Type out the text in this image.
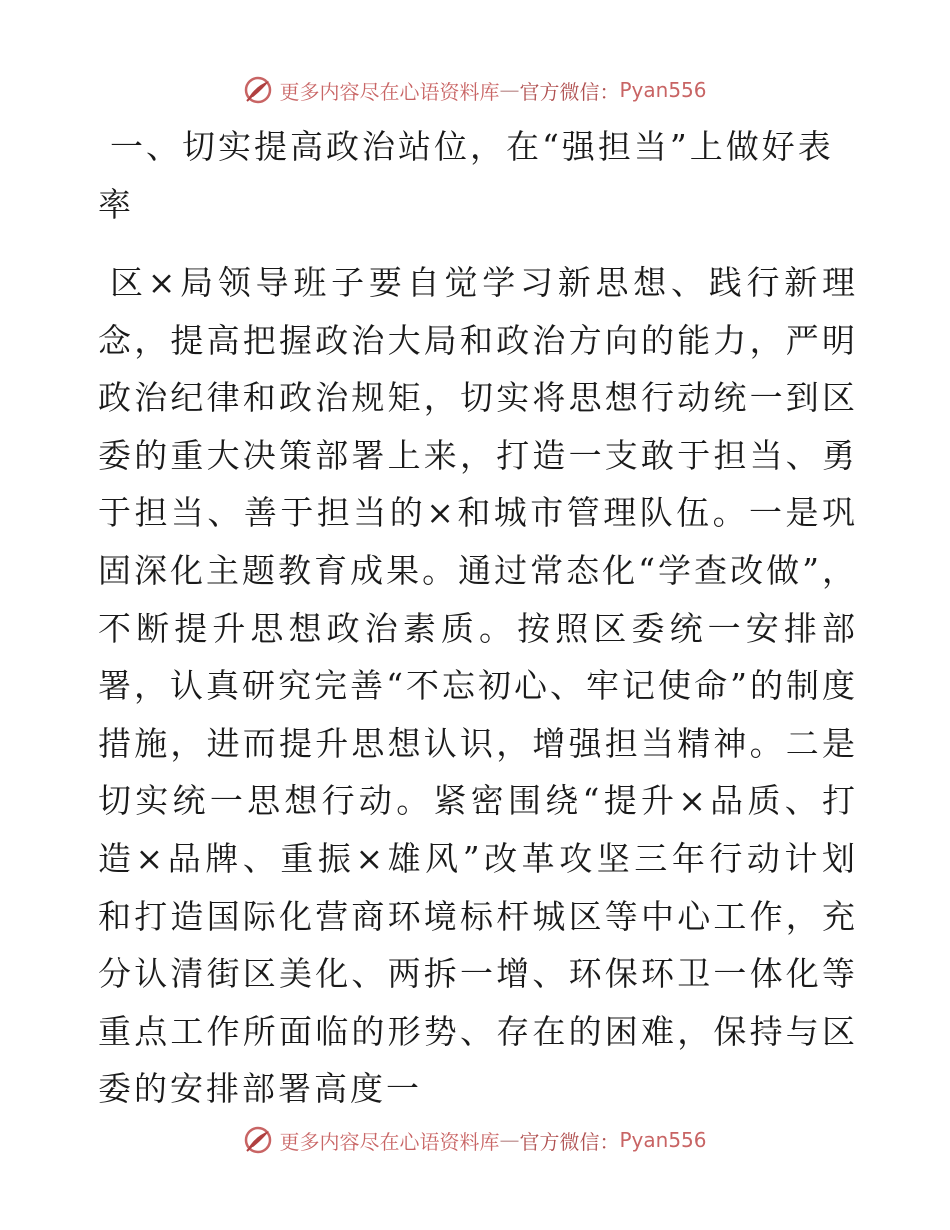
更多内容尽在心语资料库 — 官方微信： Pyan556
一、切实提高政治站位，在“强担当”上做好表率

区×局领导班子要自觉学习新思想、践行新理念，提高把握政治大局和政治方向的能力，严明政治纪律和政治规矩，切实将思想行动统一到区委的重大决策部署上来，打造一支敢于担当、勇于担当、善于担当的×和城市管理队伍。一是巩固深化主题教育成果。通过常态化“学查改做”，不断提升思想政治素质。按照区委统一安排部署，认真研究完善“不忘初心、牢记使命”的制度措施，进而提升思想认识，增强担当精神。二是切实统一思想行动。紧密围绕“提升×品质、打造×品牌、重振×雄风”改革攻坚三年行动计划和打造国际化营商环境标杆城区等中心工作，充分认清街区美化、两拆一增、环保环卫一体化等重点工作所面临的形势、存在的困难，保持与区委的安排部署高度一

更多内容尽在心语资料库 — 官方微信： Pyan556
